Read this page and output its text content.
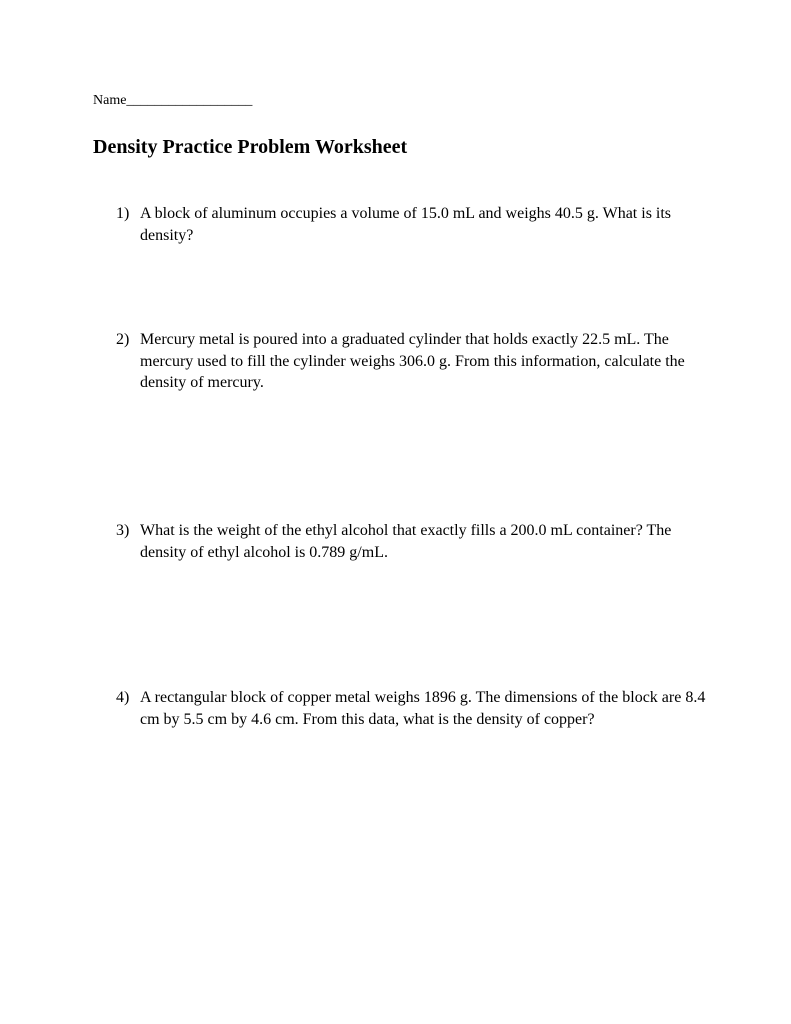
Name__________________
Density Practice Problem Worksheet
1) A block of aluminum occupies a volume of 15.0 mL and weighs 40.5 g. What is its density?
2) Mercury metal is poured into a graduated cylinder that holds exactly 22.5 mL. The mercury used to fill the cylinder weighs 306.0 g. From this information, calculate the density of mercury.
3) What is the weight of the ethyl alcohol that exactly fills a 200.0 mL container? The density of ethyl alcohol is 0.789 g/mL.
4) A rectangular block of copper metal weighs 1896 g. The dimensions of the block are 8.4 cm by 5.5 cm by 4.6 cm. From this data, what is the density of copper?
